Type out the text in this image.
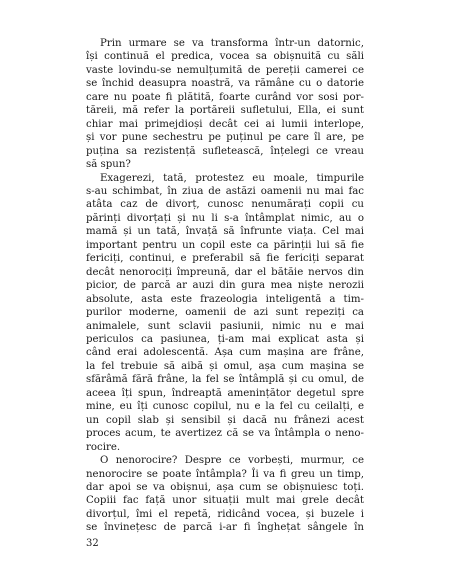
Prin urmare se va transforma într-un datornic,
își continuă el predica, vocea sa obișnuită cu săli
vaste lovindu-se nemulțumită de pereții camerei ce
se închid deasupra noastră, va rămâne cu o datorie
care nu poate fi plătită, foarte curând vor sosi por-
tăreii, mă refer la portăreii sufletului, Ella, ei sunt
chiar mai primejdioși decât cei ai lumii interlope,
și vor pune sechestru pe puținul pe care îl are, pe
puțina sa rezistență sufletească, înțelegi ce vreau
să spun?

Exagerezi, tată, protestez eu moale, timpurile
s-au schimbat, în ziua de astăzi oamenii nu mai fac
atâta caz de divorț, cunosc nenumărați copii cu
părinți divorțați și nu li s-a întâmplat nimic, au o
mamă și un tată, învață să înfrunte viața. Cel mai
important pentru un copil este ca părinții lui să fie
fericiți, continui, e preferabil să fie fericiți separat
decât nenorociți împreună, dar el bătăie nervos din
picior, de parcă ar auzi din gura mea niște nerozii
absolute, asta este frazeologia inteligentă a tim-
purilor moderne, oamenii de azi sunt repeziți ca
animalele, sunt sclavii pasiunii, nimic nu e mai
periculos ca pasiunea, ți-am mai explicat asta și
când erai adolescentă. Așa cum mașina are frâne,
la fel trebuie să aibă și omul, așa cum mașina se
sfărâmă fără frâne, la fel se întâmplă și cu omul, de
aceea îți spun, îndreaptă amenințător degetul spre
mine, eu îți cunosc copilul, nu e la fel cu ceilalți, e
un copil slab și sensibil și dacă nu frânezi acest
proces acum, te avertizez că se va întâmpla o neno-
rocire.

O nenorocire? Despre ce vorbești, murmur, ce
nenorocire se poate întâmpla? Îi va fi greu un timp,
dar apoi se va obișnui, așa cum se obișnuiesc toți.
Copiii fac față unor situații mult mai grele decât
divorțul, îmi el repetă, ridicând vocea, și buzele i
se învinețesc de parcă i-ar fi înghețat sângele în

32
